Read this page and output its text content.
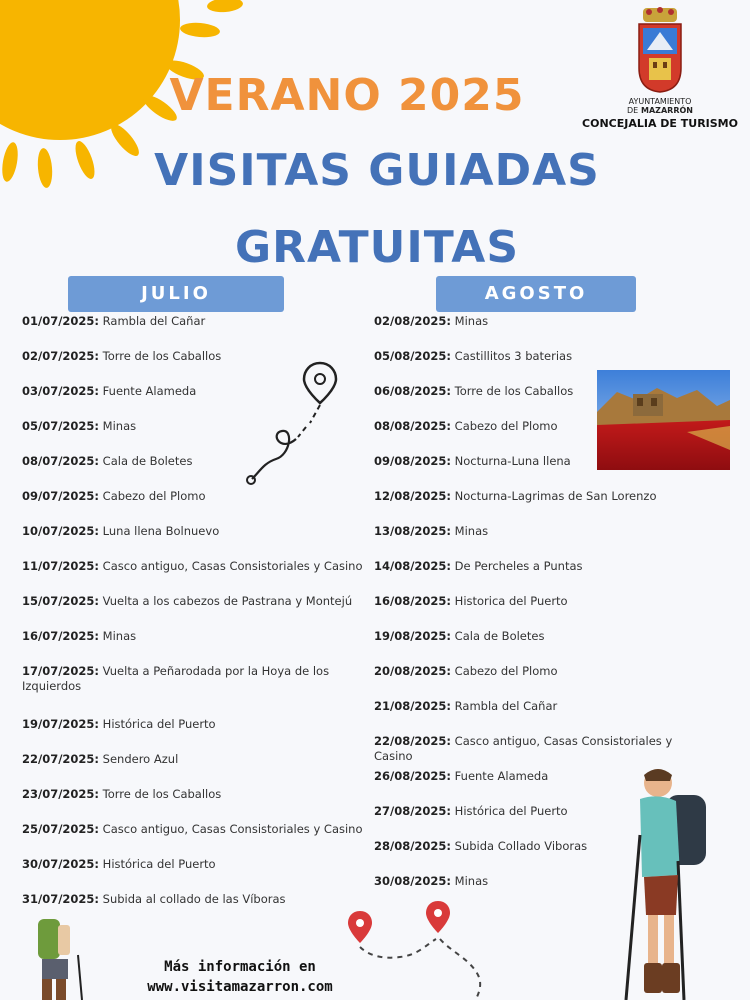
VERANO 2025
VISITAS GUIADAS
GRATUITAS
AYUNTAMIENTO
DE MAZARRÓN
CONCEJALIA DE TURISMO
JULIO	AGOSTO
01/07/2025: Rambla del Cañar
02/07/2025: Torre de los Caballos
03/07/2025: Fuente Alameda
05/07/2025: Minas
08/07/2025: Cala de Boletes
09/07/2025: Cabezo del Plomo
10/07/2025: Luna llena Bolnuevo
11/07/2025: Casco antiguo, Casas Consistoriales y Casino
15/07/2025: Vuelta a los cabezos de Pastrana y Montejú
16/07/2025: Minas
17/07/2025: Vuelta a Peñarodada por la Hoya de los Izquierdos
19/07/2025: Histórica del Puerto
22/07/2025: Sendero Azul
23/07/2025: Torre de los Caballos
25/07/2025: Casco antiguo, Casas Consistoriales y Casino
30/07/2025: Histórica del Puerto
31/07/2025: Subida al collado de las Víboras
02/08/2025: Minas
05/08/2025: Castillitos 3 baterias
06/08/2025: Torre de los Caballos
08/08/2025: Cabezo del Plomo
09/08/2025: Nocturna-Luna llena
12/08/2025: Nocturna-Lagrimas de San Lorenzo
13/08/2025: Minas
14/08/2025: De Percheles a Puntas
16/08/2025: Historica del Puerto
19/08/2025: Cala de Boletes
20/08/2025: Cabezo del Plomo
21/08/2025: Rambla del Cañar
22/08/2025: Casco antiguo, Casas Consistoriales y Casino
26/08/2025: Fuente Alameda
27/08/2025: Histórica del Puerto
28/08/2025: Subida Collado Viboras
30/08/2025: Minas
Más información en
www.visitamazarron.com
